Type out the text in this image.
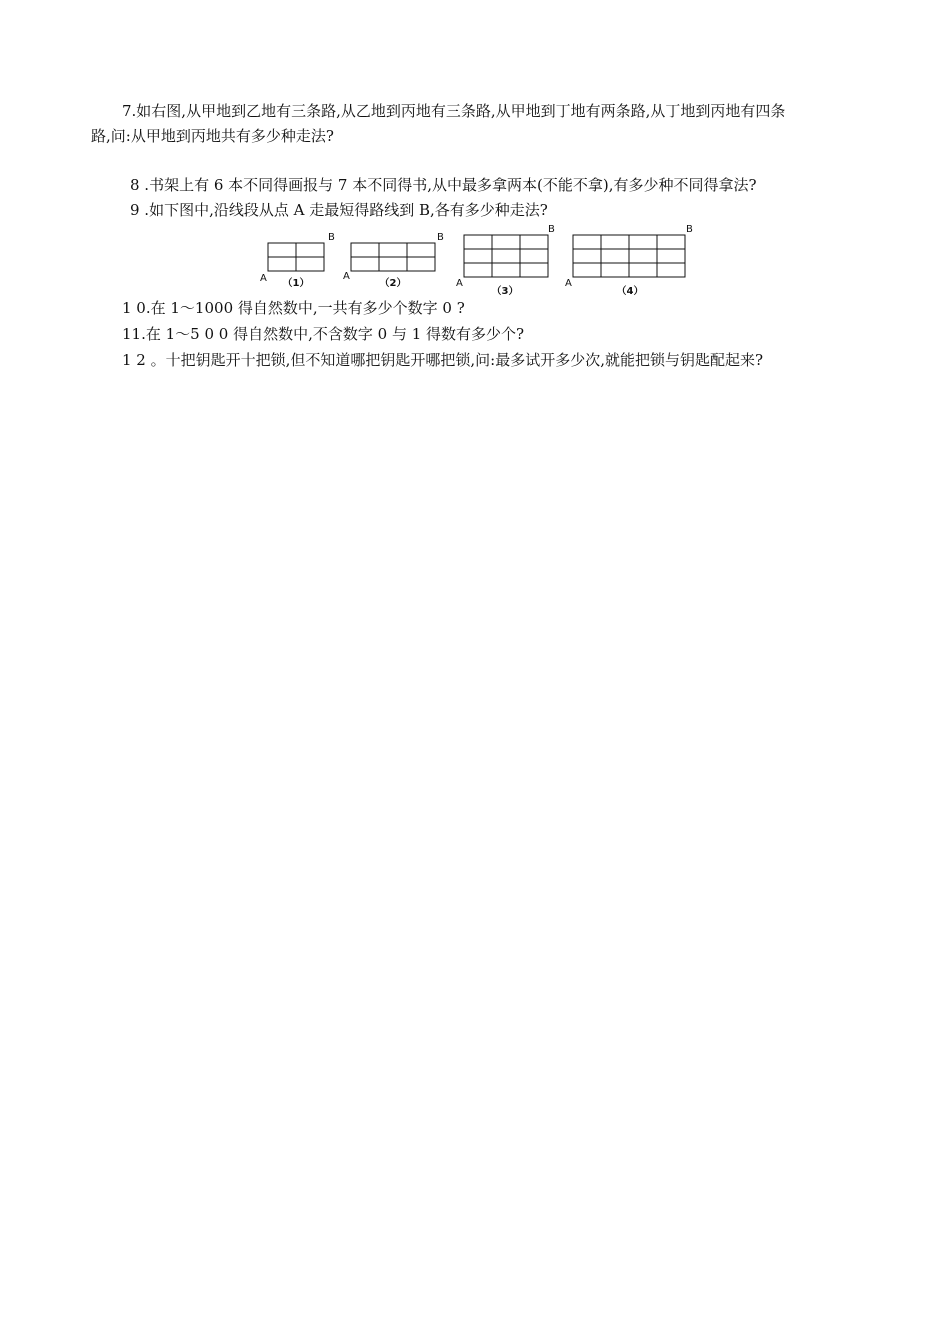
7.如右图,从甲地到乙地有三条路,从乙地到丙地有三条路,从甲地到丁地有两条路,从丁地到丙地有四条
路,问:从甲地到丙地共有多少种走法?
8 .书架上有 6 本不同得画报与 7 本不同得书,从中最多拿两本(不能不拿),有多少种不同得拿法?
9 .如下图中,沿线段从点 A 走最短得路线到 B,各有多少种走法?
B
A （1）
B
A
（2）
B
A
（3）
B
A
（4）
1 0.在 1～1000 得自然数中,一共有多少个数字 0 ?
11.在 1～5 0 0 得自然数中,不含数字 0 与 1 得数有多少个?
1 2 。十把钥匙开十把锁,但不知道哪把钥匙开哪把锁,问:最多试开多少次,就能把锁与钥匙配起来?
